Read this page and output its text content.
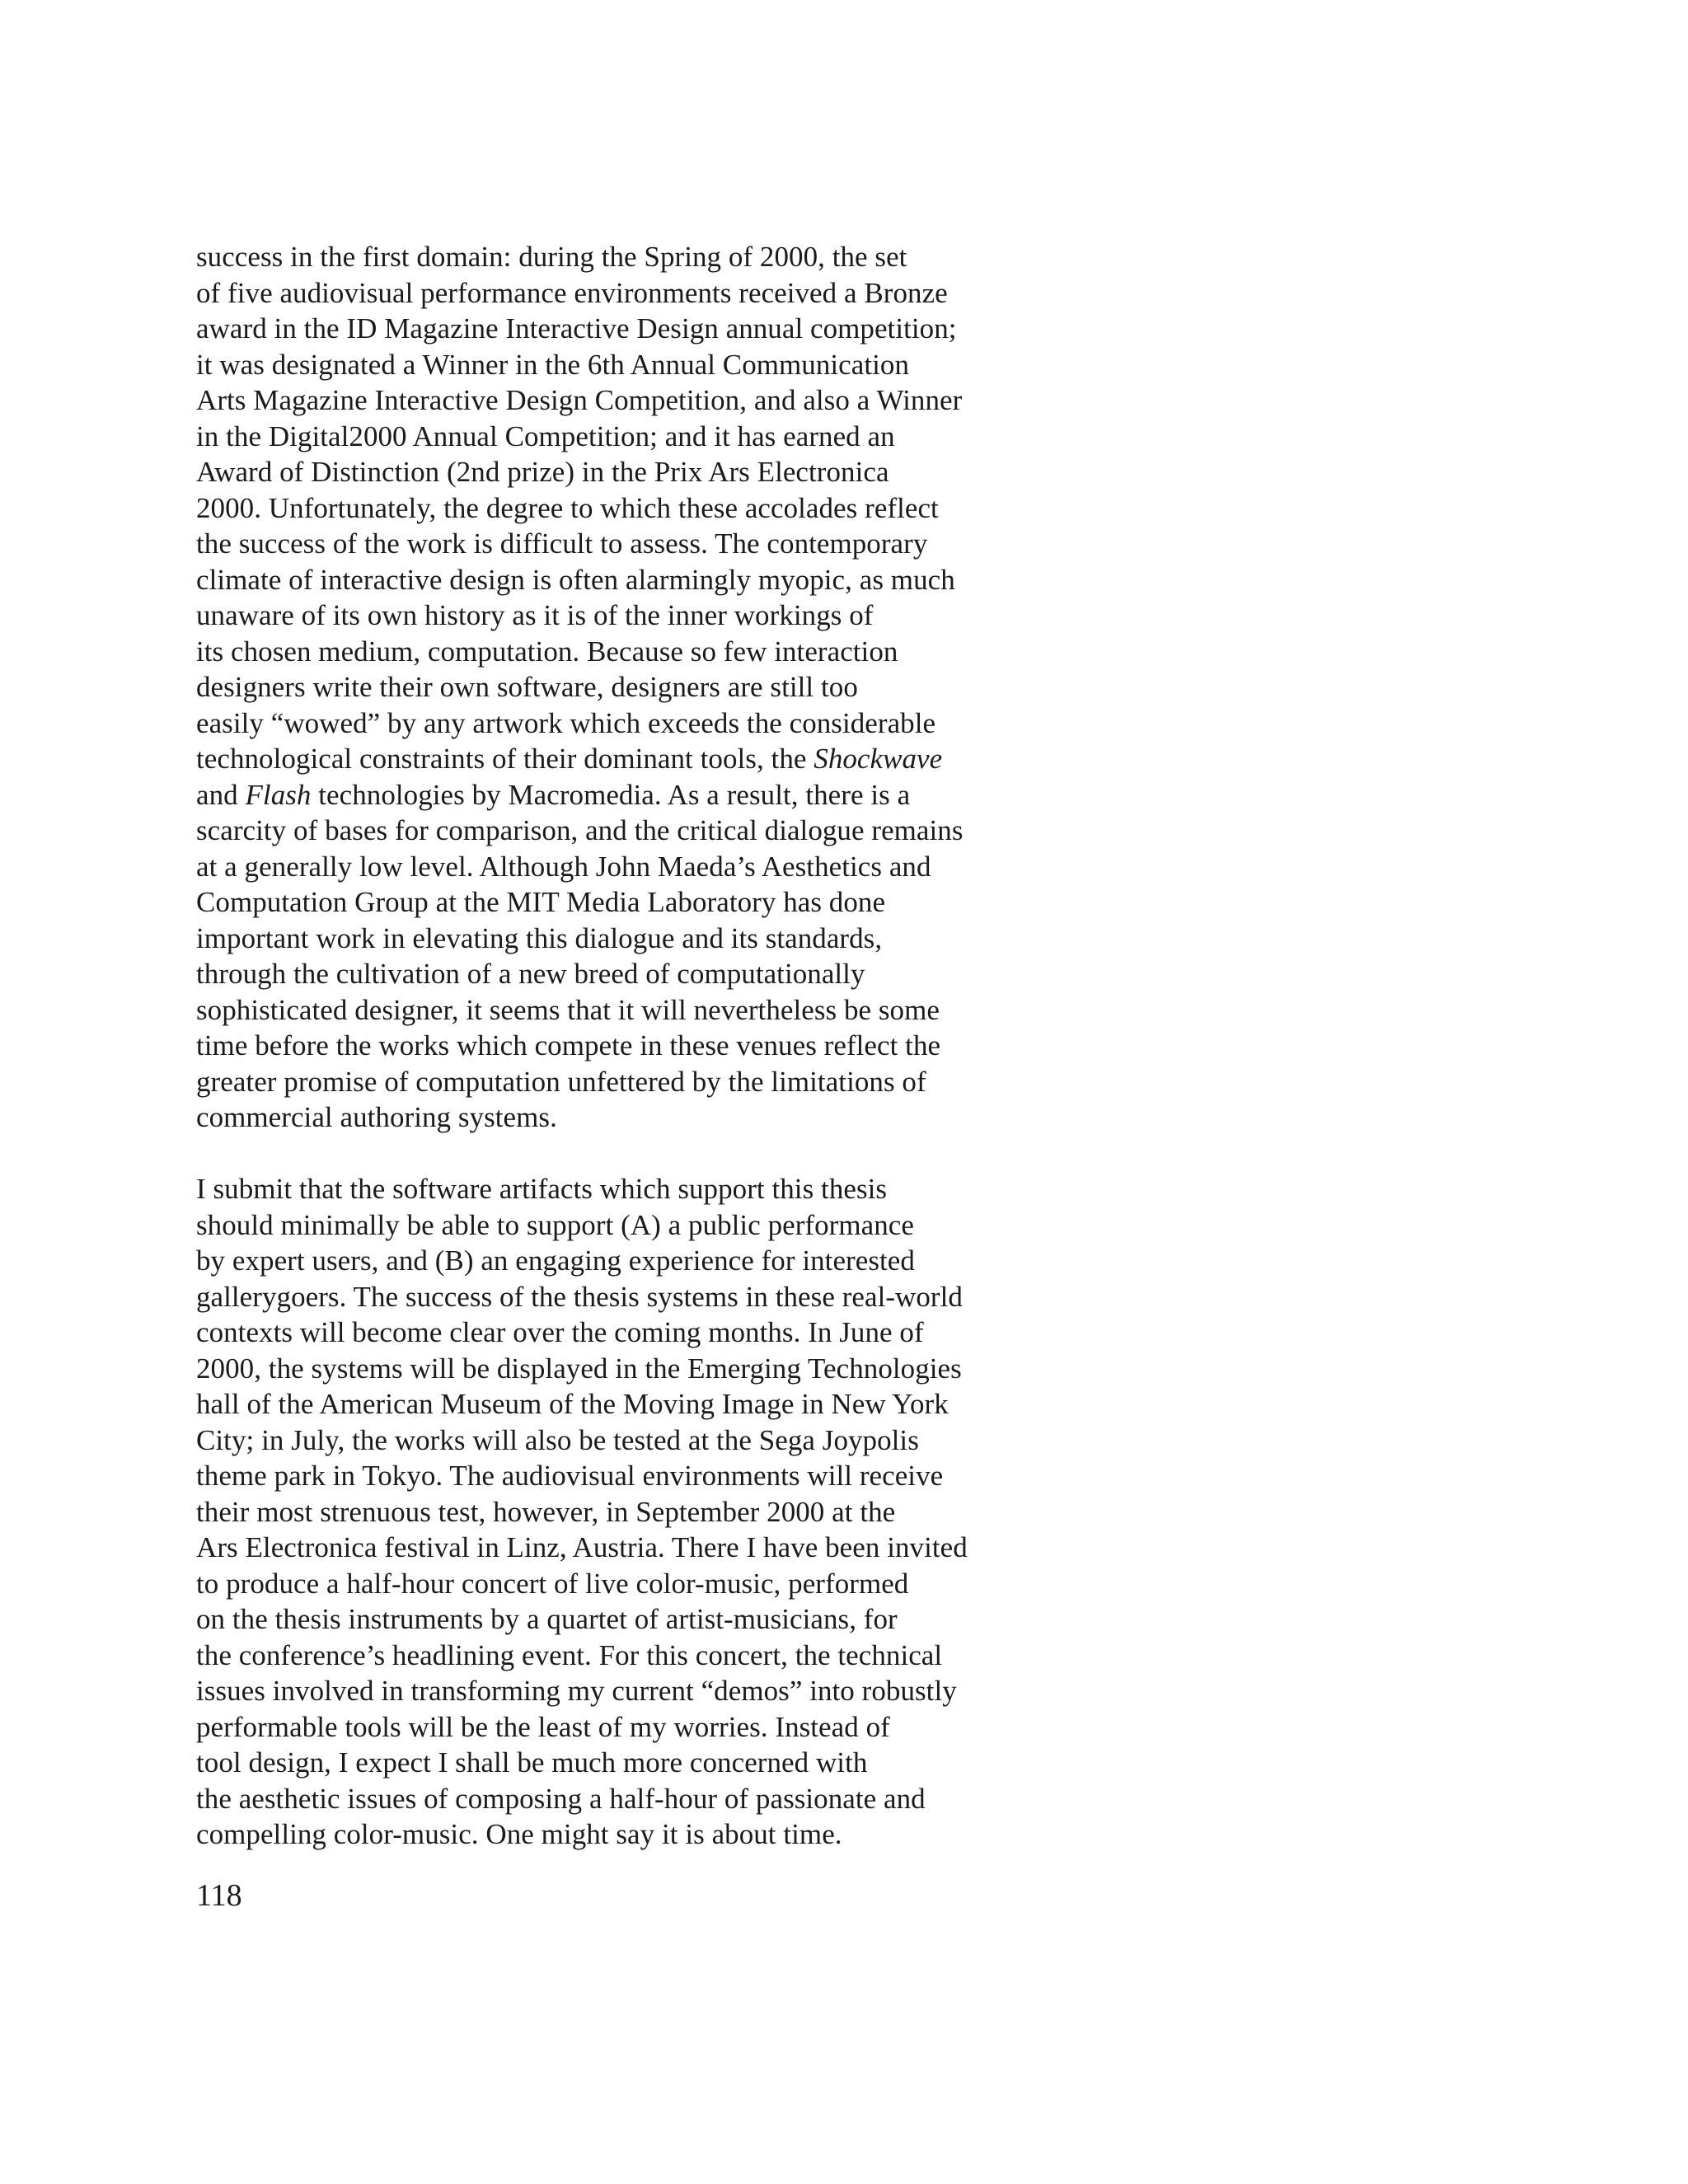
success in the first domain: during the Spring of 2000, the set
of five audiovisual performance environments received a Bronze
award in the ID Magazine Interactive Design annual competition;
it was designated a Winner in the 6th Annual Communication
Arts Magazine Interactive Design Competition, and also a Winner
in the Digital2000 Annual Competition; and it has earned an
Award of Distinction (2nd prize) in the Prix Ars Electronica
2000. Unfortunately, the degree to which these accolades reflect
the success of the work is difficult to assess. The contemporary
climate of interactive design is often alarmingly myopic, as much
unaware of its own history as it is of the inner workings of
its chosen medium, computation. Because so few interaction
designers write their own software, designers are still too
easily “wowed” by any artwork which exceeds the considerable
technological constraints of their dominant tools, the Shockwave
and Flash technologies by Macromedia. As a result, there is a
scarcity of bases for comparison, and the critical dialogue remains
at a generally low level. Although John Maeda’s Aesthetics and
Computation Group at the MIT Media Laboratory has done
important work in elevating this dialogue and its standards,
through the cultivation of a new breed of computationally
sophisticated designer, it seems that it will nevertheless be some
time before the works which compete in these venues reflect the
greater promise of computation unfettered by the limitations of
commercial authoring systems.
I submit that the software artifacts which support this thesis
should minimally be able to support (A) a public performance
by expert users, and (B) an engaging experience for interested
gallerygoers. The success of the thesis systems in these real-world
contexts will become clear over the coming months. In June of
2000, the systems will be displayed in the Emerging Technologies
hall of the American Museum of the Moving Image in New York
City; in July, the works will also be tested at the Sega Joypolis
theme park in Tokyo. The audiovisual environments will receive
their most strenuous test, however, in September 2000 at the
Ars Electronica festival in Linz, Austria. There I have been invited
to produce a half-hour concert of live color-music, performed
on the thesis instruments by a quartet of artist-musicians, for
the conference’s headlining event. For this concert, the technical
issues involved in transforming my current “demos” into robustly
performable tools will be the least of my worries. Instead of
tool design, I expect I shall be much more concerned with
the aesthetic issues of composing a half-hour of passionate and
compelling color-music. One might say it is about time.
118
